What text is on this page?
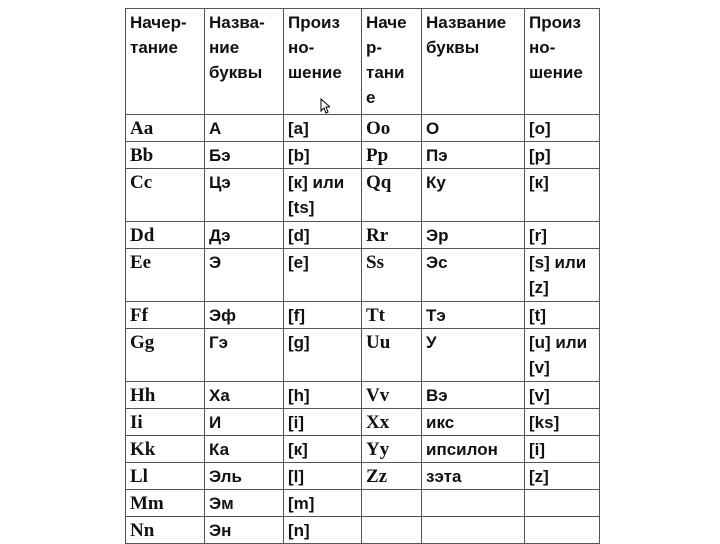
Начер-тание	Назва-ние буквы	Произ но-шение	Наче р-тани е	Название буквы	Произ но-шение
Aa	А	[a]	Oo	О	[o]
Bb	Бэ	[b]	Pp	Пэ	[p]
Cc	Цэ	[к] или [ts]	Qq	Ку	[к]
Dd	Дэ	[d]	Rr	Эр	[r]
Ee	Э	[e]	Ss	Эс	[s] или [z]
Ff	Эф	[f]	Tt	Тэ	[t]
Gg	Гэ	[g]	Uu	У	[u] или [v]
Hh	Ха	[h]	Vv	Вэ	[v]
Ii	И	[i]	Xx	икс	[ks]
Kk	Ка	[к]	Yy	ипсилон	[i]
Ll	Эль	[l]	Zz	зэта	[z]
Mm	Эм	[m]			
Nn	Эн	[n]			
